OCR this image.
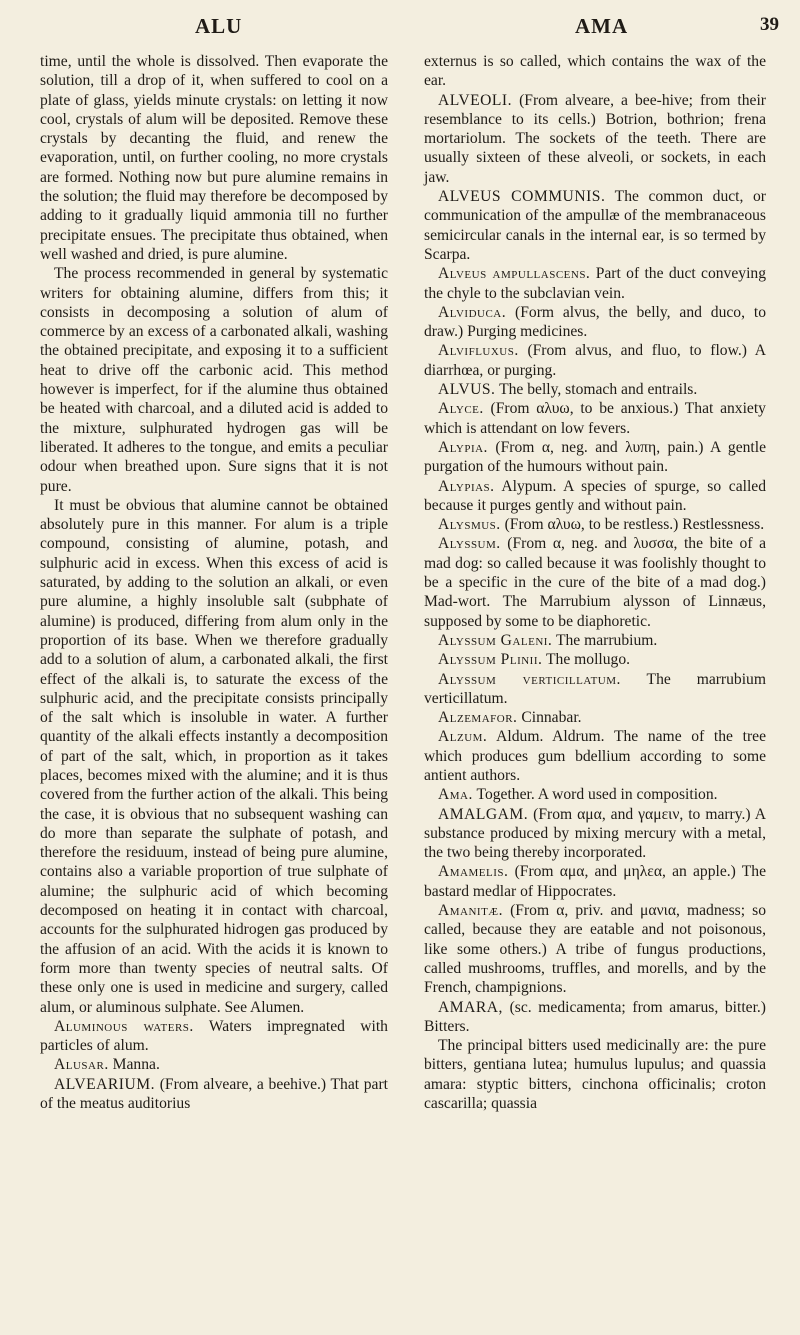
ALU	AMA	39

time, until the whole is dissolved. Then evaporate the solution, till a drop of it, when suffered to cool on a plate of glass, yields minute crystals: on letting it now cool, crystals of alum will be deposited. Remove these crystals by decanting the fluid, and renew the evaporation, until, on further cooling, no more crystals are formed. Nothing now but pure alumine remains in the solution; the fluid may therefore be decomposed by adding to it gradually liquid ammonia till no further precipitate ensues. The precipitate thus obtained, when well washed and dried, is pure alumine.

The process recommended in general by systematic writers for obtaining alumine, differs from this; it consists in decomposing a solution of alum of commerce by an excess of a carbonated alkali, washing the obtained precipitate, and exposing it to a sufficient heat to drive off the carbonic acid. This method however is imperfect, for if the alumine thus obtained be heated with charcoal, and a diluted acid is added to the mixture, sulphurated hydrogen gas will be liberated. It adheres to the tongue, and emits a peculiar odour when breathed upon. Sure signs that it is not pure.

It must be obvious that alumine cannot be obtained absolutely pure in this manner. For alum is a triple compound, consisting of alumine, potash, and sulphuric acid in excess. When this excess of acid is saturated, by adding to the solution an alkali, or even pure alumine, a highly insoluble salt (subphate of alumine) is produced, differing from alum only in the proportion of its base. When we therefore gradually add to a solution of alum, a carbonated alkali, the first effect of the alkali is, to saturate the excess of the sulphuric acid, and the precipitate consists principally of the salt which is insoluble in water. A further quantity of the alkali effects instantly a decomposition of part of the salt, which, in proportion as it takes places, becomes mixed with the alumine; and it is thus covered from the further action of the alkali. This being the case, it is obvious that no subsequent washing can do more than separate the sulphate of potash, and therefore the residuum, instead of being pure alumine, contains also a variable proportion of true sulphate of alumine; the sulphuric acid of which becoming decomposed on heating it in contact with charcoal, accounts for the sulphurated hidrogen gas produced by the affusion of an acid. With the acids it is known to form more than twenty species of neutral salts. Of these only one is used in medicine and surgery, called alum, or aluminous sulphate. See Alumen.

Aluminous waters. Waters impregnated with particles of alum.

Alusar. Manna.

ALVEARIUM. (From alveare, a beehive.) That part of the meatus auditorius

externus is so called, which contains the wax of the ear.

ALVEOLI. (From alveare, a bee-hive; from their resemblance to its cells.) Botrion, bothrion; frena mortariolum. The sockets of the teeth. There are usually sixteen of these alveoli, or sockets, in each jaw.

ALVEUS COMMUNIS. The common duct, or communication of the ampullæ of the membranaceous semicircular canals in the internal ear, is so termed by Scarpa.

Alveus ampullascens. Part of the duct conveying the chyle to the subclavian vein.

Alviduca. (Form alvus, the belly, and duco, to draw.) Purging medicines.

Alvifluxus. (From alvus, and fluo, to flow.) A diarrhœa, or purging.

ALVUS. The belly, stomach and entrails.

Alyce. (From αλυω, to be anxious.) That anxiety which is attendant on low fevers.

Alypia. (From α, neg. and λυπη, pain.) A gentle purgation of the humours without pain.

Alypias. Alypum. A species of spurge, so called because it purges gently and without pain.

Alysmus. (From αλυω, to be restless.) Restlessness.

Alyssum. (From α, neg. and λυσσα, the bite of a mad dog: so called because it was foolishly thought to be a specific in the cure of the bite of a mad dog.) Mad-wort. The Marrubium alysson of Linnæus, supposed by some to be diaphoretic.

Alyssum Galeni. The marrubium.

Alyssum Plinii. The mollugo.

Alyssum verticillatum. The marrubium verticillatum.

Alzemafor. Cinnabar.

Alzum. Aldum. Aldrum. The name of the tree which produces gum bdellium according to some antient authors.

Ama. Together. A word used in composition.

AMALGAM. (From αμα, and γαμειν, to marry.) A substance produced by mixing mercury with a metal, the two being thereby incorporated.

Amamelis. (From αμα, and μηλεα, an apple.) The bastard medlar of Hippocrates.

Amanitæ. (From α, priv. and μανια, madness; so called, because they are eatable and not poisonous, like some others.) A tribe of fungus productions, called mushrooms, truffles, and morells, and by the French, champignions.

AMARA, (sc. medicamenta; from amarus, bitter.) Bitters.

The principal bitters used medicinally are: the pure bitters, gentiana lutea; humulus lupulus; and quassia amara: styptic bitters, cinchona officinalis; croton cascarilla; quassia
